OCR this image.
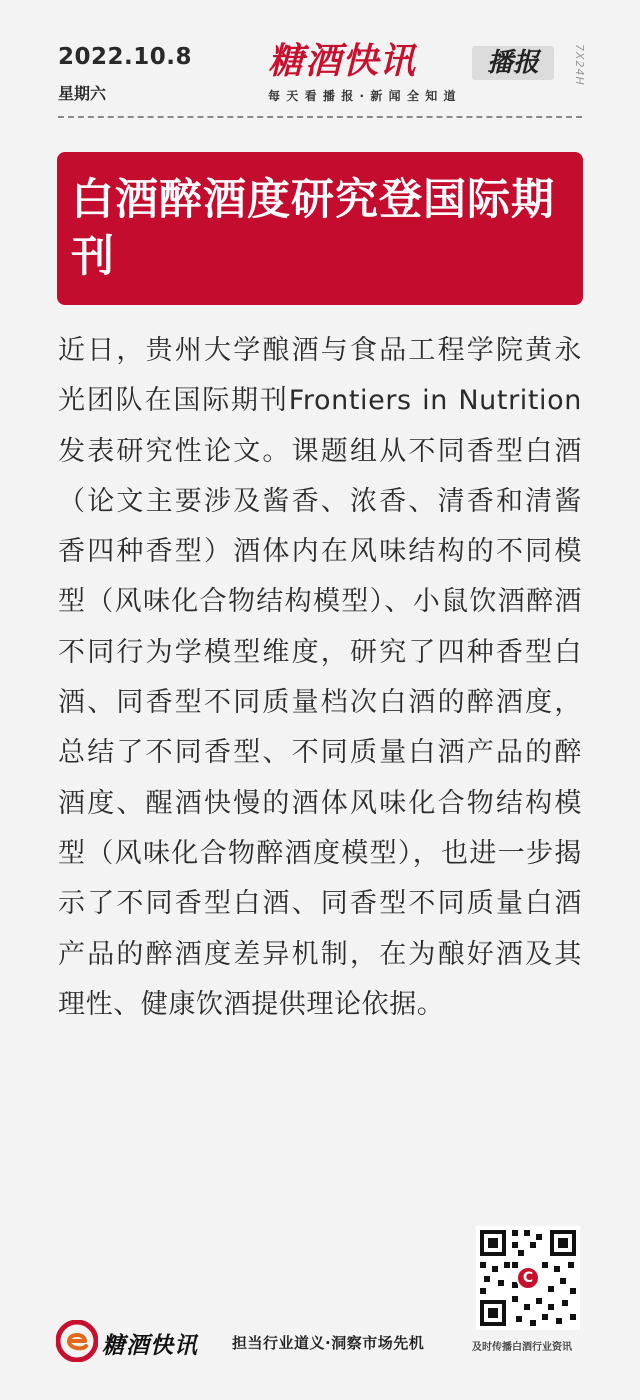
2022.10.8
星期六
糖酒快讯	播报
每天看播报·新闻全知道
7X24H
白酒醉酒度研究登国际期刊

近日，贵州大学酿酒与食品工程学院黄永光团队在国际期刊Frontiers in Nutrition发表研究性论文。课题组从不同香型白酒（论文主要涉及酱香、浓香、清香和清酱香四种香型）酒体内在风味结构的不同模型（风味化合物结构模型）、小鼠饮酒醉酒不同行为学模型维度，研究了四种香型白酒、同香型不同质量档次白酒的醉酒度，总结了不同香型、不同质量白酒产品的醉酒度、醒酒快慢的酒体风味化合物结构模型（风味化合物醉酒度模型），也进一步揭示了不同香型白酒、同香型不同质量白酒产品的醉酒度差异机制，在为酿好酒及其理性、健康饮酒提供理论依据。

C
糖酒快讯 担当行业道义·洞察市场先机	及时传播白酒行业资讯
